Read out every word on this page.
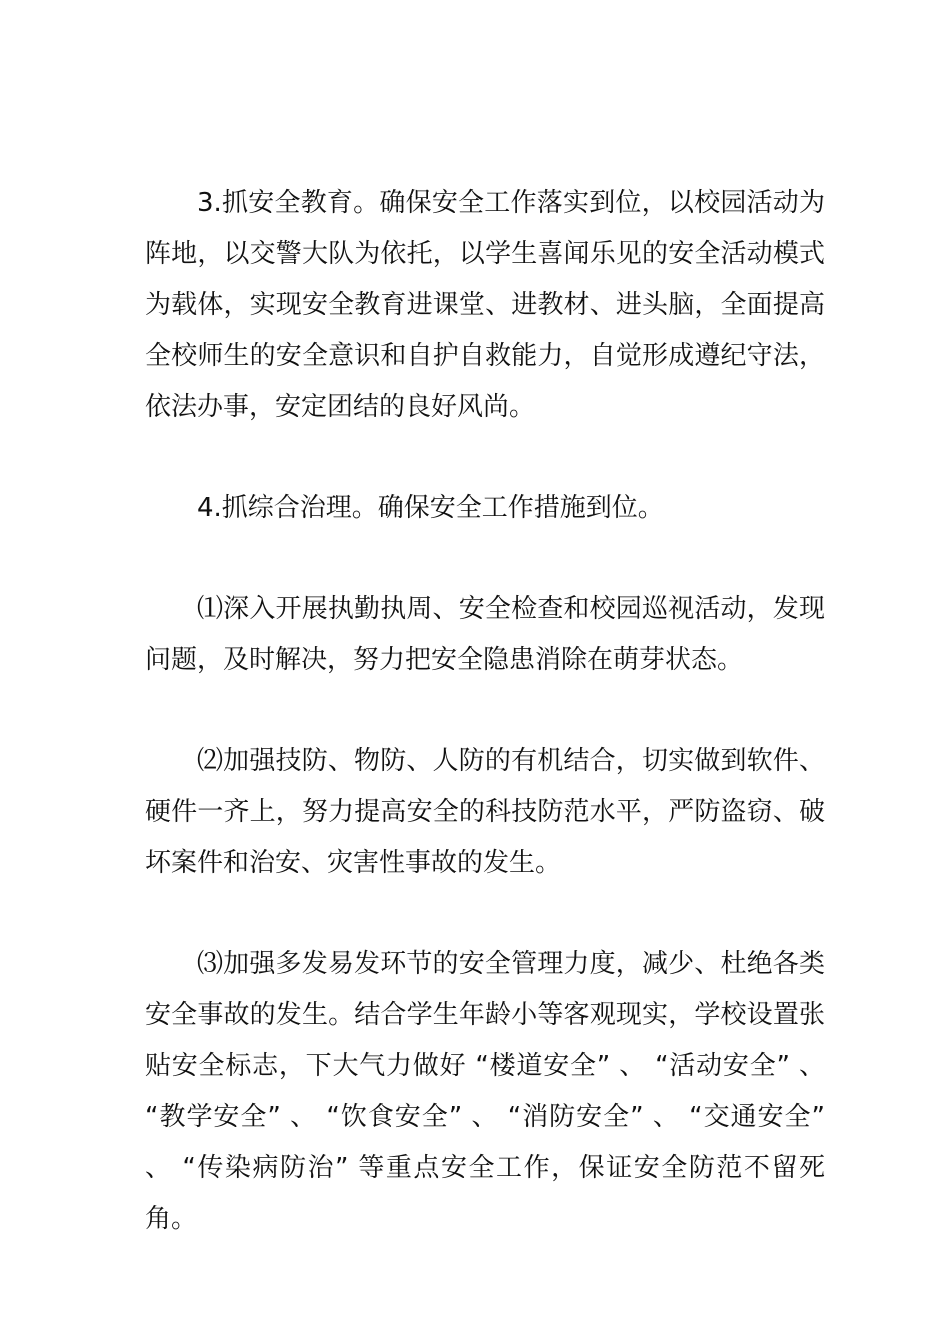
3.抓安全教育。确保安全工作落实到位，以校园活动为阵地，以交警大队为依托，以学生喜闻乐见的安全活动模式为载体，实现安全教育进课堂、进教材、进头脑，全面提高全校师生的安全意识和自护自救能力，自觉形成遵纪守法，依法办事，安定团结的良好风尚。

4.抓综合治理。确保安全工作措施到位。

⑴深入开展执勤执周、安全检查和校园巡视活动，发现问题，及时解决，努力把安全隐患消除在萌芽状态。

⑵加强技防、物防、人防的有机结合，切实做到软件、硬件一齐上，努力提高安全的科技防范水平，严防盗窃、破坏案件和治安、灾害性事故的发生。

⑶加强多发易发环节的安全管理力度，减少、杜绝各类安全事故的发生。结合学生年龄小等客观现实，学校设置张贴安全标志，下大气力做好 “楼道安全” 、 “活动安全” 、 “教学安全” 、 “饮食安全” 、 “消防安全” 、 “交通安全” 、 “传染病防治” 等重点安全工作，保证安全防范不留死角。
